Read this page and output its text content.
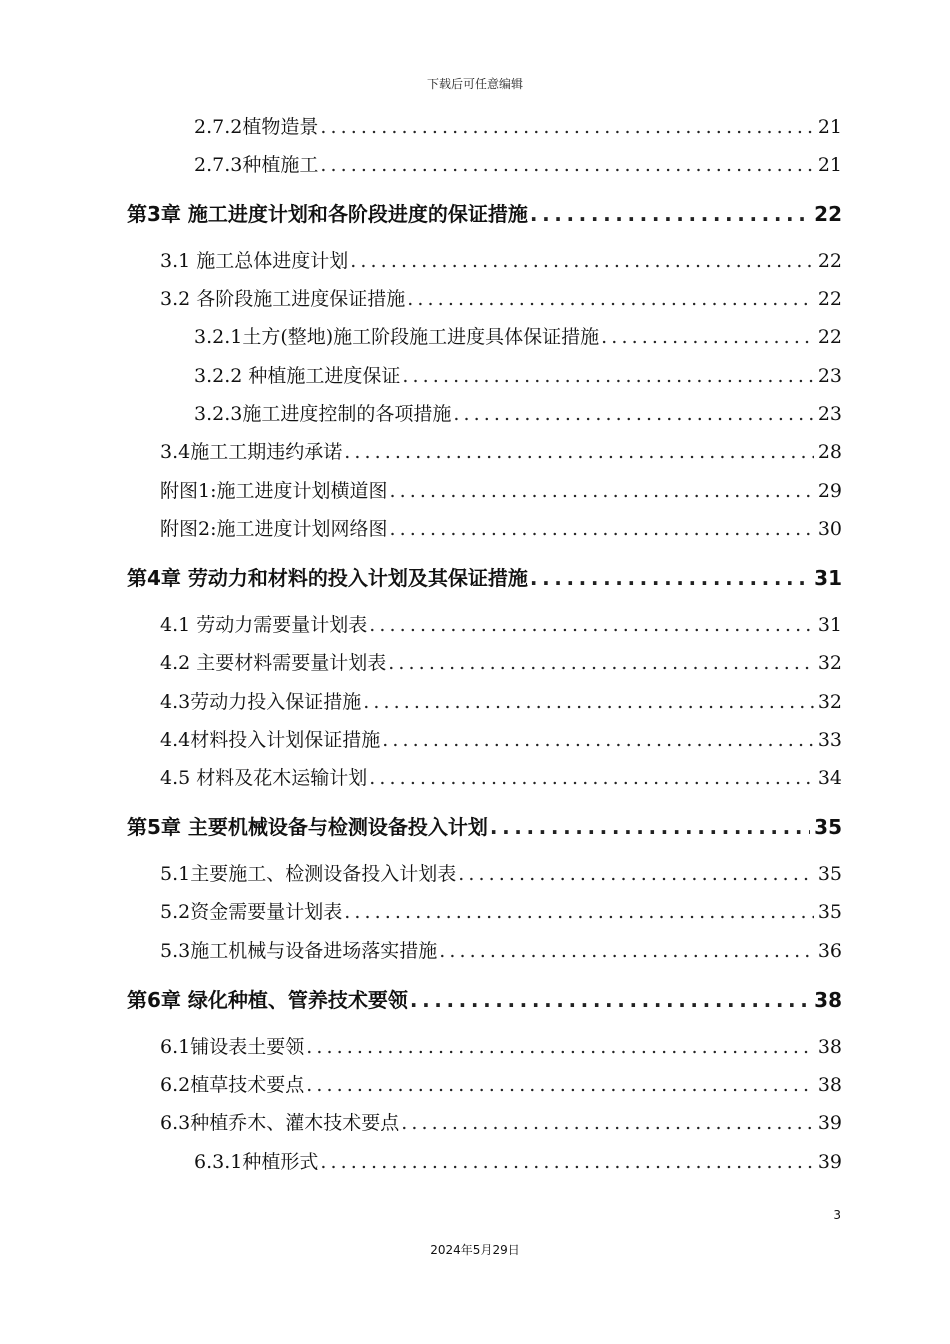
下载后可任意编辑
2.7.2植物造景 .....	21
2.7.3种植施工 .....	21
第3章 施工进度计划和各阶段进度的保证措施 .....	22
3.1 施工总体进度计划 .....	22
3.2 各阶段施工进度保证措施 .....	22
3.2.1土方(整地)施工阶段施工进度具体保证措施 .....	22
3.2.2 种植施工进度保证 .....	23
3.2.3施工进度控制的各项措施 .....	23
3.4施工工期违约承诺 .....	28
附图1:施工进度计划横道图 .....	29
附图2:施工进度计划网络图 .....	30
第4章 劳动力和材料的投入计划及其保证措施 .....	31
4.1 劳动力需要量计划表 .....	31
4.2 主要材料需要量计划表 .....	32
4.3劳动力投入保证措施 .....	32
4.4材料投入计划保证措施 .....	33
4.5 材料及花木运输计划 .....	34
第5章 主要机械设备与检测设备投入计划 .....	35
5.1主要施工、检测设备投入计划表 .....	35
5.2资金需要量计划表 .....	35
5.3施工机械与设备进场落实措施 .....	36
第6章 绿化种植、管养技术要领 .....	38
6.1铺设表土要领 .....	38
6.2植草技术要点 .....	38
6.3种植乔木、灌木技术要点 .....	39
6.3.1种植形式 .....	39
3
2024年5月29日
